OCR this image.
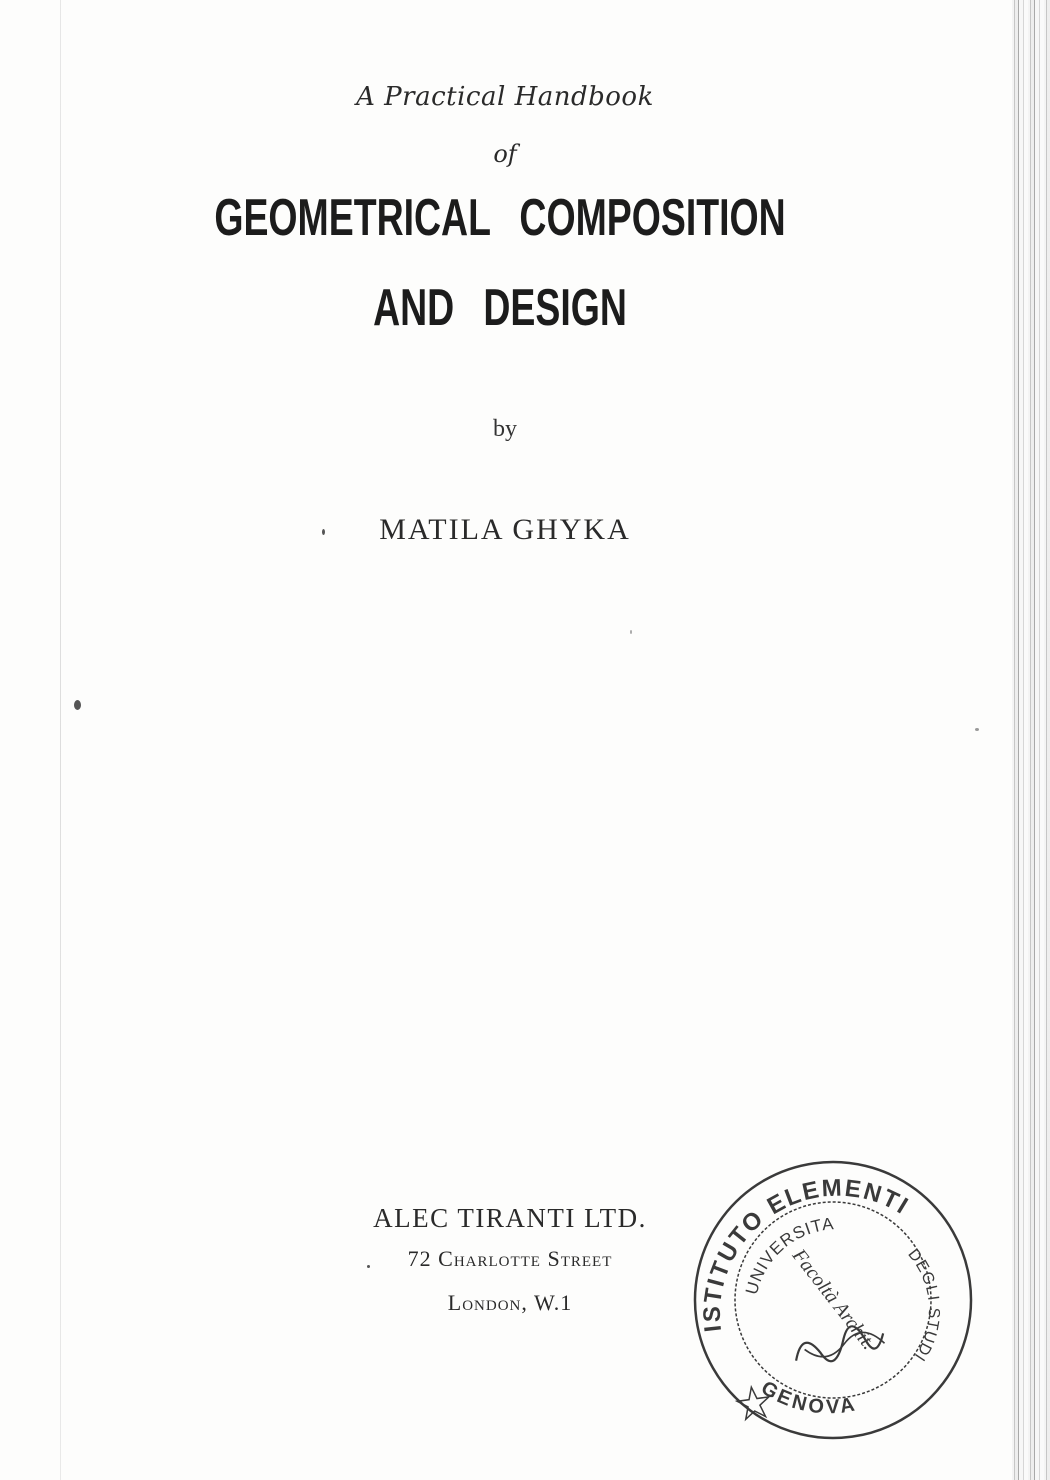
A Practical Handbook
of
GEOMETRICAL COMPOSITION
AND DESIGN
by
MATILA GHYKA
ALEC TIRANTI LTD.
72 Charlotte Street
London, W.1
ISTITUTO ELEMENTI
GENOVA
UNIVERSITA
DEGLI STUDI
Facoltà Archit.
